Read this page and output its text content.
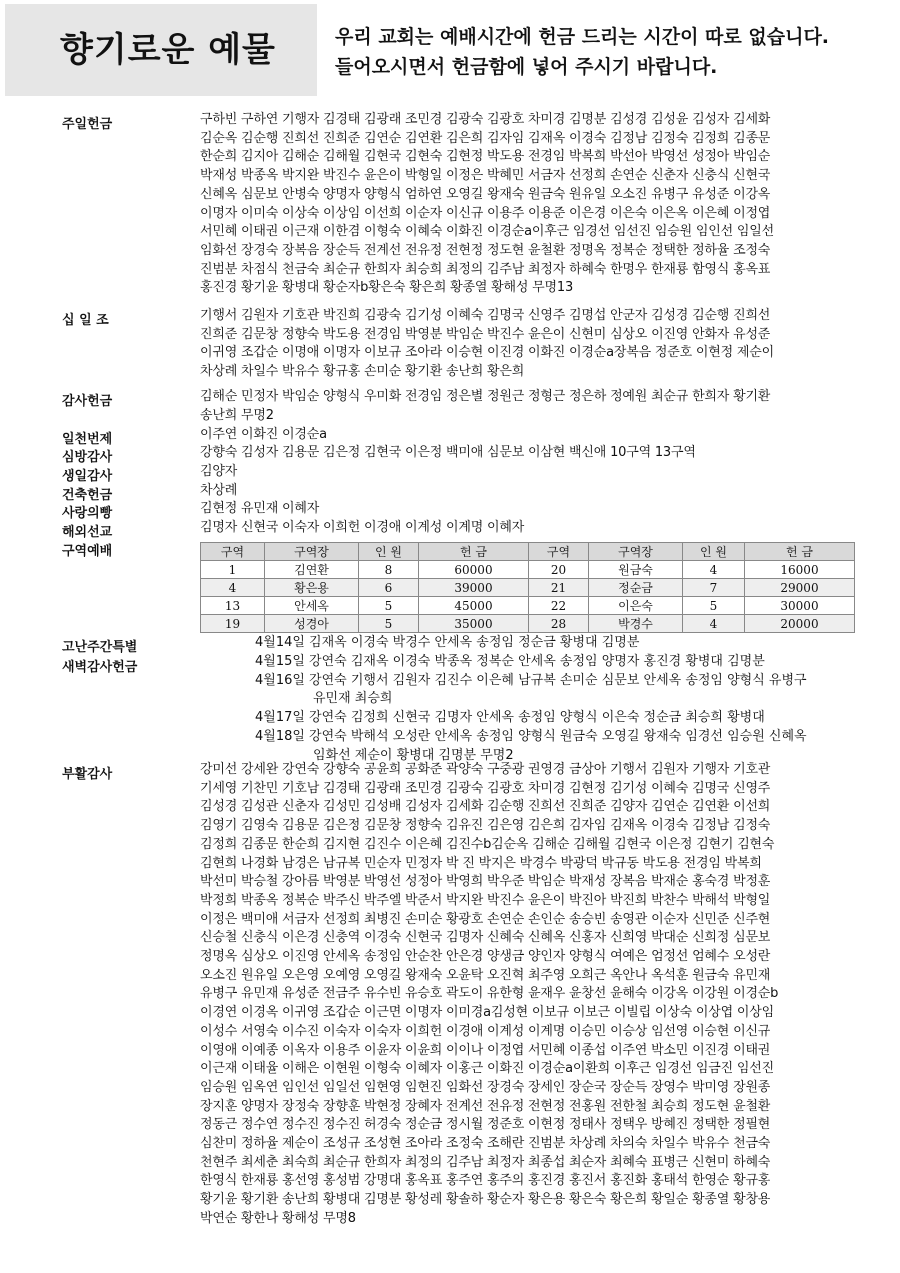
향기로운 예물	우리 교회는 예배시간에 헌금 드리는 시간이 따로 없습니다.
들어오시면서 헌금함에 넣어 주시기 바랍니다.
주일헌금	구하빈 구하연 기행자 김경태 김광래 조민경 김광숙 김광호 차미경 김명분 김성경 김성윤 김성자 김세화
김순옥 김순행 진희선 진희준 김연순 김연환 김은희 김자임 김재옥 이경숙 김정남 김정숙 김정희 김종문
한순희 김지아 김해순 김해월 김현국 김현숙 김현정 박도용 전경임 박복희 박선아 박영선 성정아 박임순
박재성 박종옥 박지완 박진수 윤은이 박형일 이정은 박혜민 서금자 선정희 손연순 신춘자 신충식 신현국
신혜옥 심문보 안병숙 양명자 양형식 엄하연 오영길 왕재숙 원금숙 원유일 오소진 유병구 유성준 이강옥
이명자 이미숙 이상숙 이상임 이선희 이순자 이신규 이용주 이용준 이은경 이은숙 이은옥 이은혜 이정엽
서민혜 이태권 이근재 이한겸 이형숙 이혜숙 이화진 이경순a이후근 임경선 임선진 임승원 임인선 임일선
임화선 장경숙 장복음 장순득 전계선 전유정 전현정 정도현 윤철환 정명옥 정복순 정택한 정하율 조정숙
진범분 차점식 천금숙 최순규 한희자 최승희 최정의 김주남 최정자 하혜숙 한명우 한재룡 함영식 홍옥표
홍진경 황기윤 황병대 황순자b황은숙 황은희 황종열 황해성 무명13
십 일 조	기행서 김원자 기호관 박진희 김광숙 김기성 이혜숙 김명국 신영주 김명섭 안군자 김성경 김순행 진희선
진희준 김문창 정향숙 박도용 전경임 박영분 박임순 박진수 윤은이 신현미 심상오 이진영 안화자 유성준
이귀영 조갑순 이명애 이명자 이보규 조아라 이승현 이진경 이화진 이경순a장복음 정준호 이현정 제순이
차상례 차일수 박유수 황규홍 손미순 황기환 송난희 황은희
감사헌금	김해순 민정자 박임순 양형식 우미화 전경임 정은별 정원근 정형근 정은하 정예원 최순규 한희자 황기환
송난희 무명2
일천번제	이주연 이화진 이경순a
심방감사	강향숙 김성자 김용문 김은정 김현국 이은정 백미애 심문보 이삼현 백신애 10구역 13구역
생일감사	김양자
건축헌금	차상례
사랑의빵	김현정 유민재 이혜자
해외선교	김명자 신현국 이숙자 이희헌 이경애 이계성 이계명 이혜자
구역예배	구역	구역장	인 원	헌 금	구역	구역장	인 원	헌 금
1	김연환	8	60000	20	원금숙	4	16000
4	황은용	6	39000	21	정순금	7	29000
13	안세옥	5	45000	22	이은숙	5	30000
19	성경아	5	35000	28	박경수	4	20000
고난주간특별	4월14일 김재옥 이경숙 박경수 안세옥 송정임 정순금 황병대 김명분
새벽감사헌금	4월15일 강연숙 김재옥 이경숙 박종옥 정복순 안세옥 송정임 양명자 홍진경 황병대 김명분
4월16일 강연숙 기행서 김원자 김진수 이은혜 남규복 손미순 심문보 안세옥 송정임 양형식 유병구
유민재 최승희
4월17일 강연숙 김정희 신현국 김명자 안세옥 송정임 양형식 이은숙 정순금 최승희 황병대
4월18일 강연숙 박해석 오성란 안세옥 송정임 양형식 원금숙 오영길 왕재숙 임경선 임승원 신혜옥
임화선 제순이 황병대 김명분 무명2
부활감사	강미선 강세완 강연숙 강향숙 공윤희 공화준 곽양숙 구중광 권영경 금상아 기행서 김원자 기행자 기호관
기세영 기찬민 기호남 김경태 김광래 조민경 김광숙 김광호 차미경 김현정 김기성 이혜숙 김명국 신영주
김성경 김성관 신춘자 김성민 김성배 김성자 김세화 김순행 진희선 진희준 김양자 김연순 김연환 이선희
김영기 김영숙 김용문 김은정 김문창 정향숙 김유진 김은영 김은희 김자임 김재옥 이경숙 김정남 김정숙
김정희 김종문 한순희 김지현 김진수 이은혜 김진수b김순옥 김해순 김해월 김현국 이은정 김현기 김현숙
김현희 나경화 남경은 남규복 민순자 민정자 박 진 박지은 박경수 박광덕 박규동 박도용 전경임 박복희
박선미 박승철 강아름 박영분 박영선 성정아 박영희 박우준 박임순 박재성 장복음 박재순 홍숙경 박정훈
박정희 박종옥 정복순 박주신 박주엘 박준서 박지완 박진수 윤은이 박진아 박진희 박찬수 박해석 박형일
이정은 백미애 서금자 선정희 최병진 손미순 황광호 손연순 손인순 송승빈 송영관 이순자 신민준 신주현
신승철 신충식 이은경 신충역 이경숙 신현국 김명자 신혜숙 신혜옥 신홍자 신희영 박대순 신희정 심문보
정명옥 심상오 이진영 안세옥 송정임 안순찬 안은경 양생금 양인자 양형식 여예은 엄정선 엄혜수 오성란
오소진 원유일 오은영 오예영 오영길 왕재숙 오윤탁 오진혁 최주영 오희근 옥안나 옥석훈 원금숙 유민재
유병구 유민재 유성준 전금주 유수빈 유승호 곽도이 유한형 윤재우 윤창선 윤해숙 이강옥 이강원 이경순b
이경연 이경옥 이귀영 조갑순 이근면 이명자 이미경a김성현 이보규 이보근 이빌립 이상숙 이상엽 이상임
이성수 서영숙 이수진 이숙자 이숙자 이희헌 이경애 이계성 이계명 이승민 이승상 임선영 이승현 이신규
이영애 이예종 이옥자 이용주 이윤자 이윤희 이이나 이정엽 서민혜 이종섭 이주연 박소민 이진경 이태권
이근재 이태율 이해은 이현원 이형숙 이혜자 이홍근 이화진 이경순a이환희 이후근 임경선 임금진 임선진
임승원 임옥연 임인선 임일선 임현영 임현진 임화선 장경숙 장세인 장순국 장순득 장영수 박미영 장원종
장지훈 양명자 장정숙 장향훈 박현정 장혜자 전계선 전유정 전현정 전홍원 전한철 최승희 정도현 윤철환
정동근 정수연 정수진 정수진 허경숙 정순금 정시월 정준호 이현정 정태사 정택우 방혜진 정택한 정필현
심찬미 정하율 제순이 조성규 조성현 조아라 조정숙 조해란 진범분 차상례 차의숙 차일수 박유수 천금숙
천현주 최세춘 최숙희 최순규 한희자 최정의 김주남 최정자 최종섭 최순자 최혜숙 표병근 신현미 하혜숙
한영식 한재룡 홍선영 홍성범 강명대 홍옥표 홍주연 홍주의 홍진경 홍진서 홍진화 홍태석 한영순 황규홍
황기윤 황기환 송난희 황병대 김명분 황성레 황솔하 황순자 황은용 황은숙 황은희 황일순 황종열 황창용
박연순 황한나 황해성 무명8
